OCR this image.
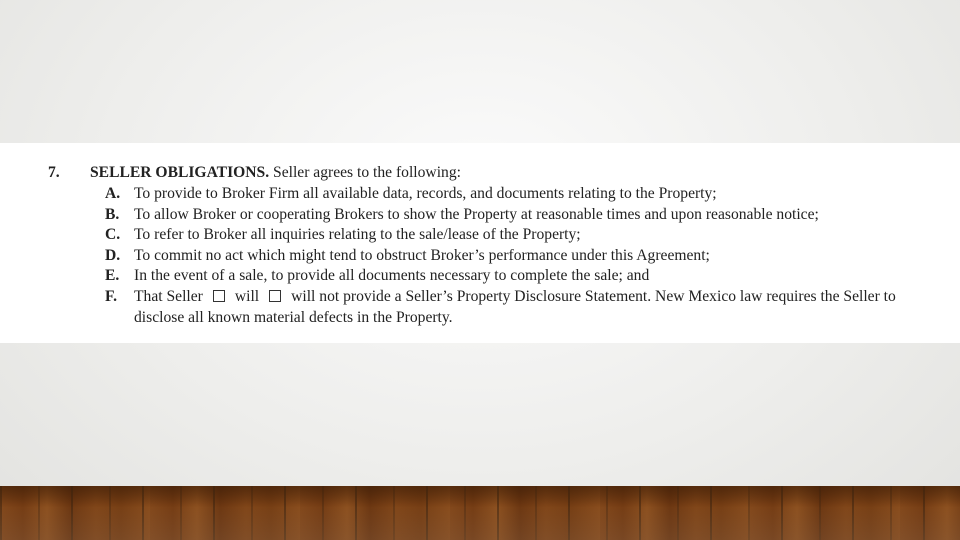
7. SELLER OBLIGATIONS. Seller agrees to the following:
A. To provide to Broker Firm all available data, records, and documents relating to the Property;
B. To allow Broker or cooperating Brokers to show the Property at reasonable times and upon reasonable notice;
C. To refer to Broker all inquiries relating to the sale/lease of the Property;
D. To commit no act which might tend to obstruct Broker’s performance under this Agreement;
E. In the event of a sale, to provide all documents necessary to complete the sale; and
F.	That Seller will will not provide a Seller’s Property Disclosure Statement. New Mexico law requires the Seller to disclose all known material defects in the Property.
